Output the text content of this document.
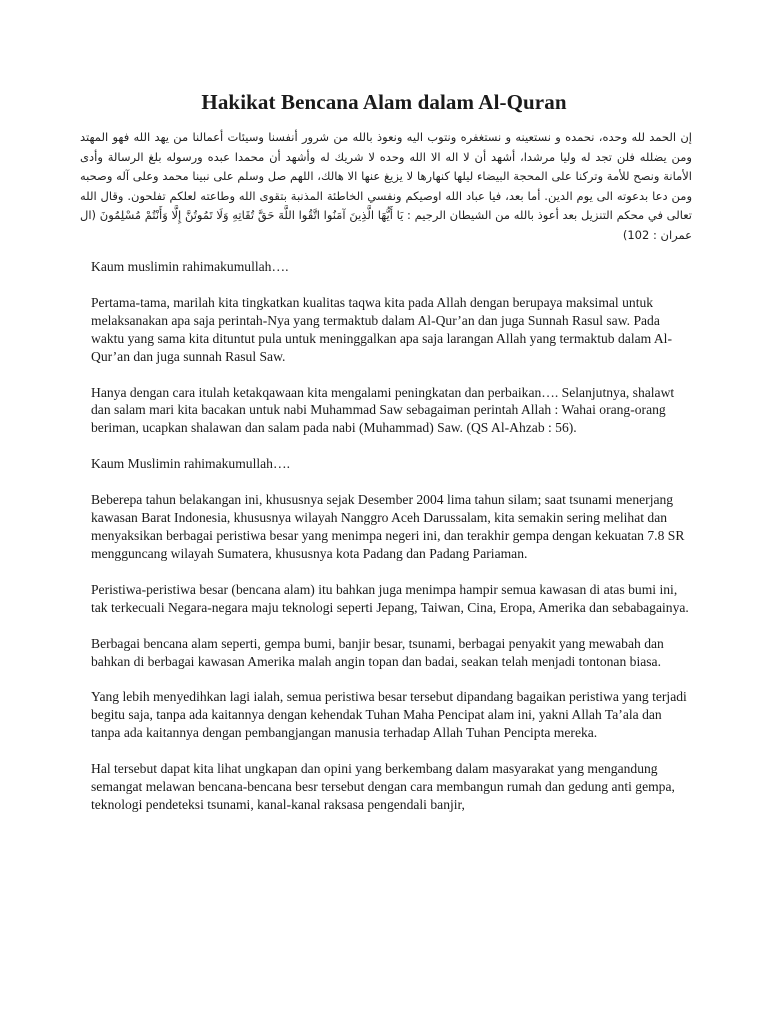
Hakikat Bencana Alam dalam Al-Quran

إن الحمد لله وحده، نحمده و نستعينه و نستغفره ونتوب اليه ونعوذ بالله من شرور أنفسنا وسيئات أعمالنا من يهد الله فهو المهتد ومن يضلله فلن تجد له وليا مرشدا، أشهد أن لا اله الا الله وحده لا شريك له وأشهد أن محمدا عبده ورسوله بلغ الرسالة وأدى الأمانة ونصح للأمة وتركنا على المحجة البيضاء ليلها كنهارها لا يزيغ عنها الا هالك، اللهم صل وسلم على نبينا محمد وعلى آله وصحبه ومن دعا بدعوته الى يوم الدين. أما بعد، فيا عباد الله اوصيكم ونفسي الخاطئة المذنبة بتقوى الله وطاعته لعلكم تفلحون. وقال الله تعالى في محكم التنزيل بعد أعوذ بالله من الشيطان الرجيم : يَا أَيُّهَا الَّذِينَ آمَنُوا اتَّقُوا اللَّهَ حَقَّ تُقَاتِهِ وَلَا تَمُوتُنَّ إِلَّا وَأَنْتُمْ مُسْلِمُونَ (ال عمران : 102)

Kaum muslimin rahimakumullah….

Pertama-tama, marilah kita tingkatkan kualitas taqwa kita pada Allah dengan berupaya maksimal untuk melaksanakan apa saja perintah-Nya yang termaktub dalam Al-Qur’an dan juga Sunnah Rasul saw. Pada waktu yang sama kita dituntut pula untuk meninggalkan apa saja larangan Allah yang termaktub dalam Al-Qur’an dan juga sunnah Rasul Saw.

Hanya dengan cara itulah ketakqawaan kita mengalami peningkatan dan perbaikan…. Selanjutnya, shalawt dan salam mari kita bacakan untuk nabi Muhammad Saw sebagaiman perintah Allah : Wahai orang-orang beriman, ucapkan shalawan dan salam pada nabi (Muhammad) Saw. (QS Al-Ahzab : 56).

Kaum Muslimin rahimakumullah….

Beberepa tahun belakangan ini, khususnya sejak Desember 2004 lima tahun silam; saat tsunami menerjang kawasan Barat Indonesia, khususnya wilayah Nanggro Aceh Darussalam, kita semakin sering melihat dan menyaksikan berbagai peristiwa besar yang menimpa negeri ini, dan terakhir gempa dengan kekuatan 7.8 SR mengguncang wilayah Sumatera, khususnya kota Padang dan Padang Pariaman.

Peristiwa-peristiwa besar (bencana alam) itu bahkan juga menimpa hampir semua kawasan di atas bumi ini, tak terkecuali Negara-negara maju teknologi seperti Jepang, Taiwan, Cina, Eropa, Amerika dan sebabagainya.

Berbagai bencana alam seperti, gempa bumi, banjir besar, tsunami, berbagai penyakit yang mewabah dan bahkan di berbagai kawasan Amerika malah angin topan dan badai, seakan telah menjadi tontonan biasa.

Yang lebih menyedihkan lagi ialah, semua peristiwa besar tersebut dipandang bagaikan peristiwa yang terjadi begitu saja, tanpa ada kaitannya dengan kehendak Tuhan Maha Pencipat alam ini, yakni Allah Ta’ala dan tanpa ada kaitannya dengan pembangjangan manusia terhadap Allah Tuhan Pencipta mereka.

Hal tersebut dapat kita lihat ungkapan dan opini yang berkembang dalam masyarakat yang mengandung semangat melawan bencana-bencana besr tersebut dengan cara membangun rumah dan gedung anti gempa, teknologi pendeteksi tsunami, kanal-kanal raksasa pengendali banjir,
